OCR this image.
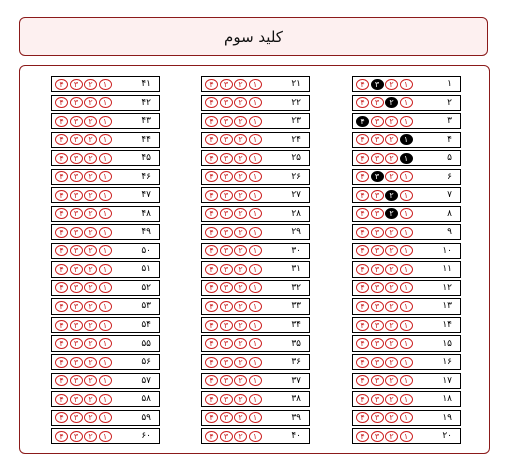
کلید سوم
۴	۳	۲	۱	۱
۴	۳	۲	۱	۲
۴	۳	۲	۱	۳
۴	۳	۲	۱	۴
۴	۳	۲	۱	۵
۴	۳	۲	۱	۶
۴	۳	۲	۱	۷
۴	۳	۲	۱	۸
۴	۳	۲	۱	۹
۴	۳	۲	۱	۱۰
۴	۳	۲	۱	۱۱
۴	۳	۲	۱	۱۲
۴	۳	۲	۱	۱۳
۴	۳	۲	۱	۱۴
۴	۳	۲	۱	۱۵
۴	۳	۲	۱	۱۶
۴	۳	۲	۱	۱۷
۴	۳	۲	۱	۱۸
۴	۳	۲	۱	۱۹
۴	۳	۲	۱	۲۰
۴	۳	۲	۱	۲۱
۴	۳	۲	۱	۲۲
۴	۳	۲	۱	۲۳
۴	۳	۲	۱	۲۴
۴	۳	۲	۱	۲۵
۴	۳	۲	۱	۲۶
۴	۳	۲	۱	۲۷
۴	۳	۲	۱	۲۸
۴	۳	۲	۱	۲۹
۴	۳	۲	۱	۳۰
۴	۳	۲	۱	۳۱
۴	۳	۲	۱	۳۲
۴	۳	۲	۱	۳۳
۴	۳	۲	۱	۳۴
۴	۳	۲	۱	۳۵
۴	۳	۲	۱	۳۶
۴	۳	۲	۱	۳۷
۴	۳	۲	۱	۳۸
۴	۳	۲	۱	۳۹
۴	۳	۲	۱	۴۰
۴	۳	۲	۱	۴۱
۴	۳	۲	۱	۴۲
۴	۳	۲	۱	۴۳
۴	۳	۲	۱	۴۴
۴	۳	۲	۱	۴۵
۴	۳	۲	۱	۴۶
۴	۳	۲	۱	۴۷
۴	۳	۲	۱	۴۸
۴	۳	۲	۱	۴۹
۴	۳	۲	۱	۵۰
۴	۳	۲	۱	۵۱
۴	۳	۲	۱	۵۲
۴	۳	۲	۱	۵۳
۴	۳	۲	۱	۵۴
۴	۳	۲	۱	۵۵
۴	۳	۲	۱	۵۶
۴	۳	۲	۱	۵۷
۴	۳	۲	۱	۵۸
۴	۳	۲	۱	۵۹
۴	۳	۲	۱	۶۰
